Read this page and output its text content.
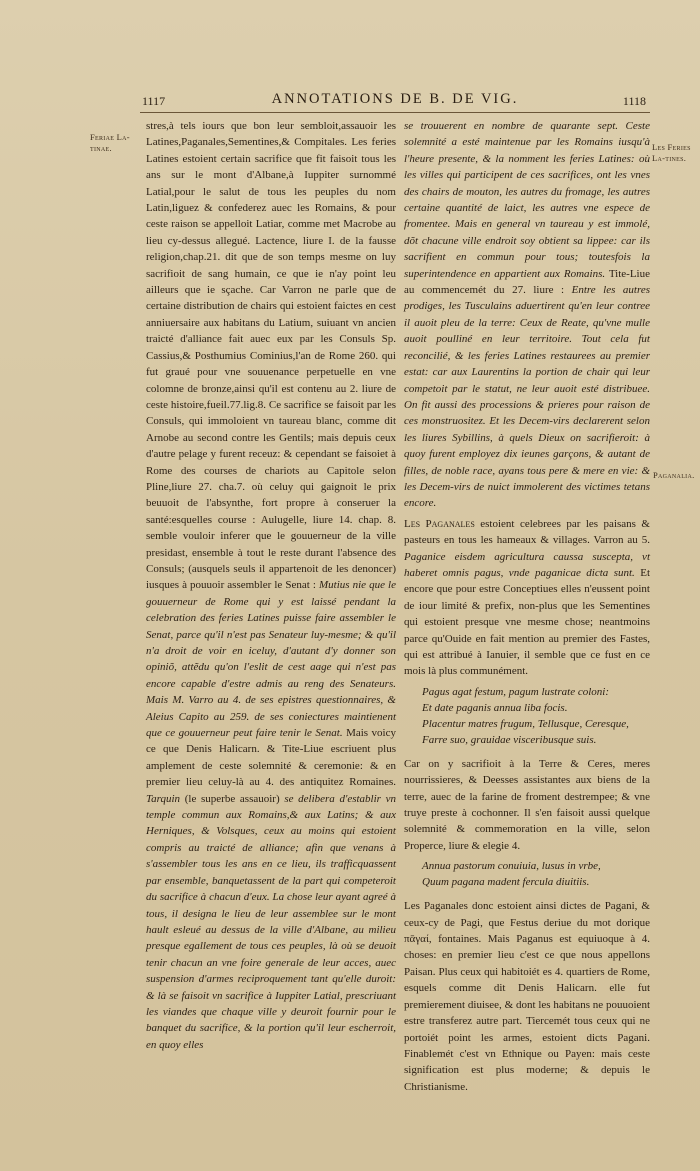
1117	ANNOTATIONS DE B. DE VIG.	1118
Feriae La-tinae.	Les Feries La-tines.
Paganalia.

stres,à tels iours que bon leur sembloit,assauoir les Latines,Paganales,Sementines,& Compitales. Les feries Latines estoient certain sacrifice que fit faisoit tous les ans sur le mont d'Albane,à Iuppiter surnommé Latial,pour le salut de tous les peuples du nom Latin,liguez & confederez auec les Romains, & pour ceste raison se appelloit Latiar, comme met Macrobe au lieu cy-dessus allegué. Lactence, liure I. de la fausse religion,chap.21. dit que de son temps mesme on luy sacrifioit de sang humain, ce que ie n'ay point leu ailleurs que ie sçache. Car Varron ne parle que de certaine distribution de chairs qui estoient faictes en cest anniuersaire aux habitans du Latium, suiuant vn ancien traicté d'alliance fait auec eux par les Consuls Sp. Cassius,& Posthumius Cominius,l'an de Rome 260. qui fut graué pour vne souuenance perpetuelle en vne colomne de bronze,ainsi qu'il est contenu au 2. liure de ceste histoire,fueil.77.lig.8. Ce sacrifice se faisoit par les Consuls, qui immoloient vn taureau blanc, comme dit Arnobe au second contre les Gentils; mais depuis ceux d'autre pelage y furent receuz: & cependant se faisoiet à Rome des courses de chariots au Capitole selon Pline,liure 27. cha.7. où celuy qui gaignoit le prix beuuoit de l'absynthe, fort propre à conseruer la santé:esquelles course : Aulugelle, liure 14. chap. 8. semble vouloir inferer que le gouuerneur de la ville presidast, ensemble à tout le reste durant l'absence des Consuls; (ausquels seuls il appartenoit de les denoncer) iusques à pouuoir assembler le Senat : Mutius nie que le gouuerneur de Rome qui y est laissé pendant la celebration des feries Latines puisse faire assembler le Senat, parce qu'il n'est pas Senateur luy-mesme; & qu'il n'a droit de voir en iceluy, d'autant d'y donner son opiniõ, attẽdu qu'on l'eslit de cest aage qui n'est pas encore capable d'estre admis au reng des Senateurs. Mais M. Varro au 4. de ses epistres questionnaires, & Aleius Capito au 259. de ses coniectures maintienent que ce gouuerneur peut faire tenir le Senat. Mais voicy ce que Denis Halicarn. & Tite-Liue escriuent plus amplement de ceste solemnité & ceremonie: & en premier lieu celuy-là au 4. des antiquitez Romaines. Tarquin (le superbe assauoir) se delibera d'establir vn temple commun aux Romains,& aux Latins; & aux Herniques, & Volsques, ceux au moins qui estoient compris au traicté de alliance; afin que venans à s'assembler tous les ans en ce lieu, ils trafficquassent par ensemble, banquetassent de la part qui competeroit du sacrifice à chacun d'eux. La chose leur ayant agreé à tous, il designa le lieu de leur assemblee sur le mont hault esleué au dessus de la ville d'Albane, au milieu presque egallement de tous ces peuples, là où se deuoit tenir chacun an vne foire generale de leur acces, auec suspension d'armes reciproquement tant qu'elle duroit: & là se faisoit vn sacrifice à Iuppiter Latial, prescriuant les viandes que chaque ville y deuroit fournir pour le banquet du sacrifice, & la portion qu'il leur escherroit, en quoy elles

se trouuerent en nombre de quarante sept. Ceste solemnité a esté maintenue par les Romains iusqu'à l'heure presente, & la nomment les feries Latines: où les villes qui participent de ces sacrifices, ont les vnes des chairs de mouton, les autres du fromage, les autres certaine quantité de laict, les autres vne espece de fromentee. Mais en general vn taureau y est immolé, dõt chacune ville endroit soy obtient sa lippee: car ils sacrifient en commun pour tous; toutesfois la superintendence en appartient aux Romains. Tite-Liue au commencemét du 27. liure : Entre les autres prodiges, les Tusculains aduertirent qu'en leur contree il auoit pleu de la terre: Ceux de Reate, qu'vne mulle auoit poulliné en leur territoire. Tout cela fut reconcilié, & les feries Latines restaurees au premier estat: car aux Laurentins la portion de chair qui leur competoit par le statut, ne leur auoit esté distribuee. On fit aussi des processions & prieres pour raison de ces monstruositez. Et les Decem-virs declarerent selon les liures Sybillins, à quels Dieux on sacrifieroit: à quoy furent employez dix ieunes garçons, & autant de filles, de noble race, ayans tous pere & mere en vie: & les Decem-virs de nuict immolerent des victimes tetans encore.

Les Paganales estoient celebrees par les paisans & pasteurs en tous les hameaux & villages. Varron au 5. Paganice eisdem agricultura caussa suscepta, vt haberet omnis pagus, vnde paganicae dicta sunt. Et encore que pour estre Conceptiues elles n'eussent point de iour limité & prefix, non-plus que les Sementines qui estoient presque vne mesme chose; neantmoins parce qu'Ouide en fait mention au premier des Fastes, qui est attribué à Ianuier, il semble que ce fust en ce mois là plus communément.

Pagus agat festum, pagum lustrate coloni:
Et date paganis annua liba focis.
Placentur matres frugum, Tellusque, Ceresque,
Farre suo, grauidae visceribusque suis.

Car on y sacrifioit à la Terre & Ceres, meres nourrissieres, & Deesses assistantes aux biens de la terre, auec de la farine de froment destrempee; & vne truye preste à cochonner. Il s'en faisoit aussi quelque solemnité & commemoration en la ville, selon Properce, liure & elegie 4.

Annua pastorum conuiuia, lusus in vrbe,
Quum pagana madent fercula diuitiis.

Les Paganales donc estoient ainsi dictes de Pagani, & ceux-cy de Pagi, que Festus deriue du mot dorique πᾱγαί, fontaines. Mais Paganus est equiuoque à 4. choses: en premier lieu c'est ce que nous appellons Paisan. Plus ceux qui habitoiét es 4. quartiers de Rome, esquels comme dit Denis Halicarn. elle fut premierement diuisee, & dont les habitans ne pouuoient estre transferez autre part. Tiercemét tous ceux qui ne portoiét point les armes, estoient dicts Pagani. Finablemét c'est vn Ethnique ou Payen: mais ceste signification est plus moderne; & depuis le Christianisme.
